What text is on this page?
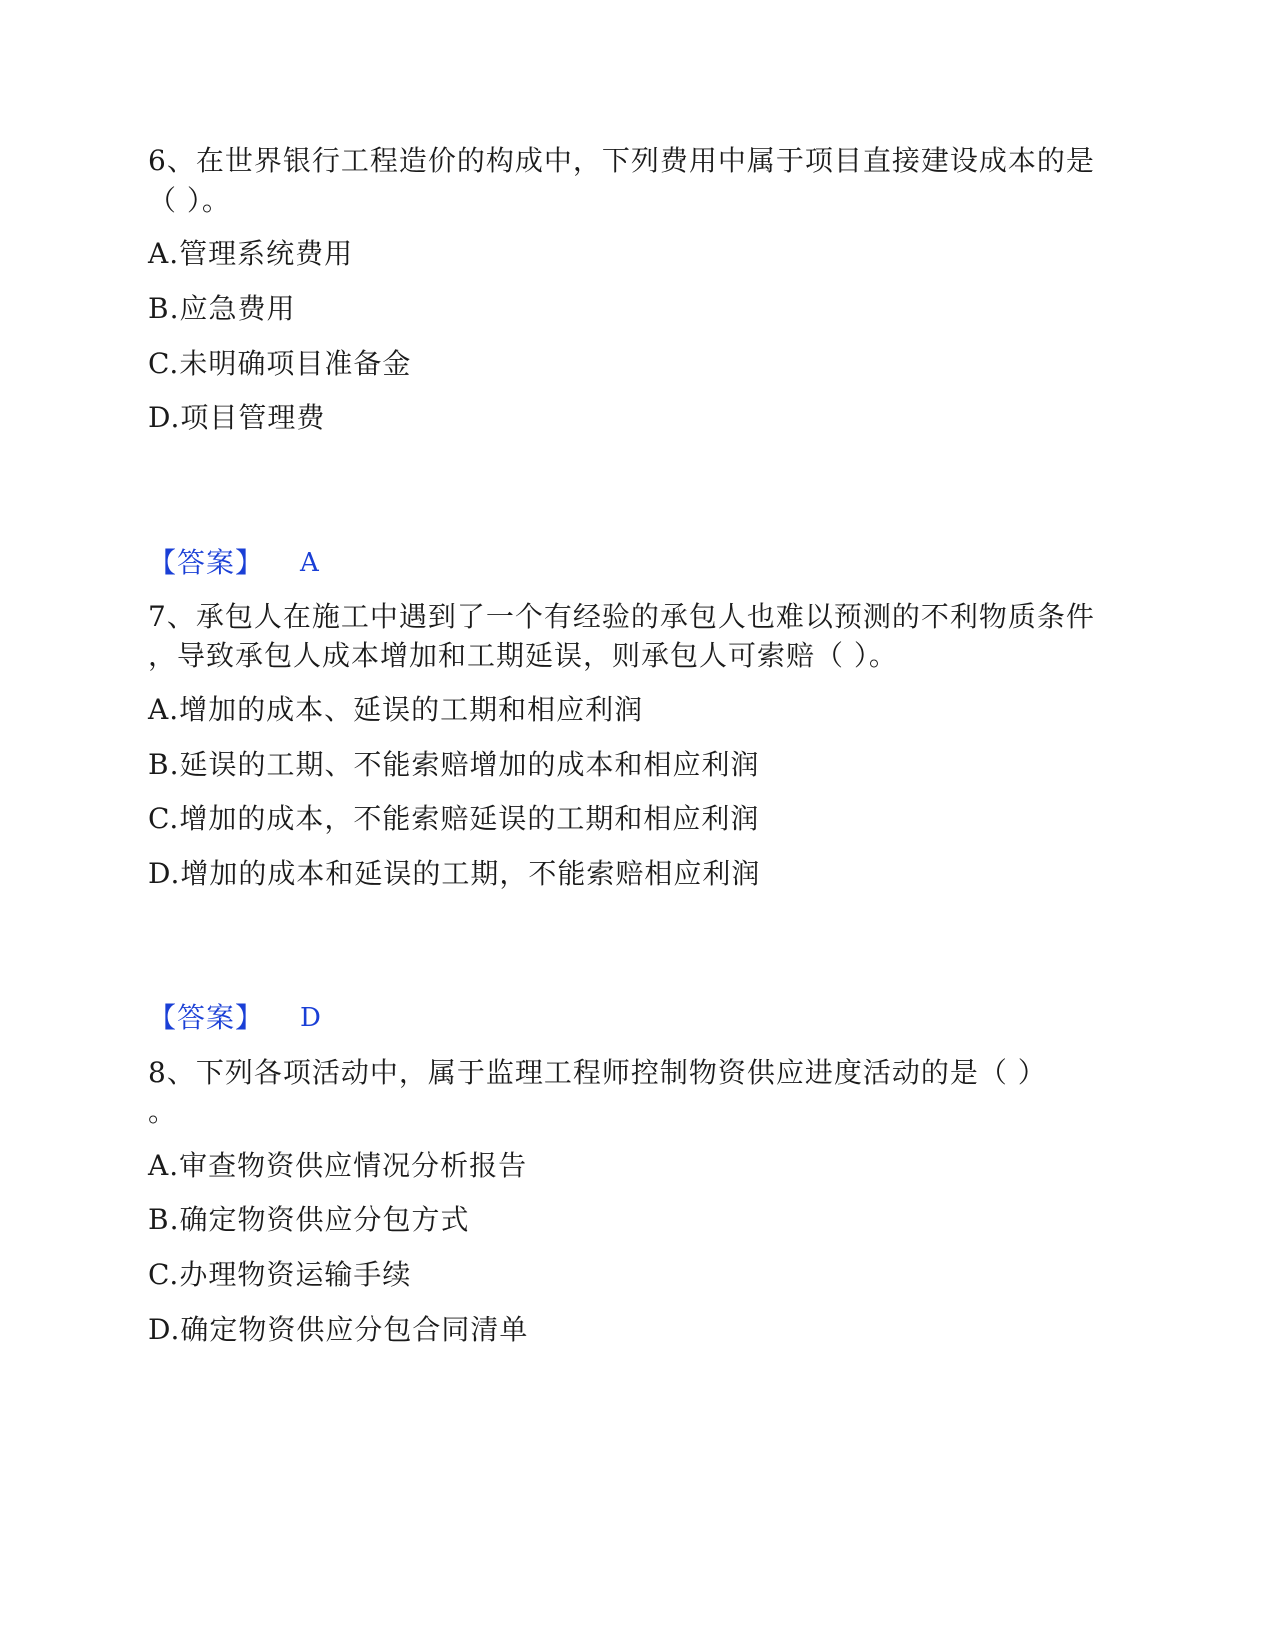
6、在世界银行工程造价的构成中，下列费用中属于项目直接建设成本的是
（ ）。
A.管理系统费用
B.应急费用
C.未明确项目准备金
D.项目管理费
【答案】 A
7、承包人在施工中遇到了一个有经验的承包人也难以预测的不利物质条件
，导致承包人成本增加和工期延误，则承包人可索赔（ ）。
A.增加的成本、延误的工期和相应利润
B.延误的工期、不能索赔增加的成本和相应利润
C.增加的成本，不能索赔延误的工期和相应利润
D.增加的成本和延误的工期，不能索赔相应利润
【答案】 D
8、下列各项活动中，属于监理工程师控制物资供应进度活动的是（ ）
。
A.审查物资供应情况分析报告
B.确定物资供应分包方式
C.办理物资运输手续
D.确定物资供应分包合同清单
